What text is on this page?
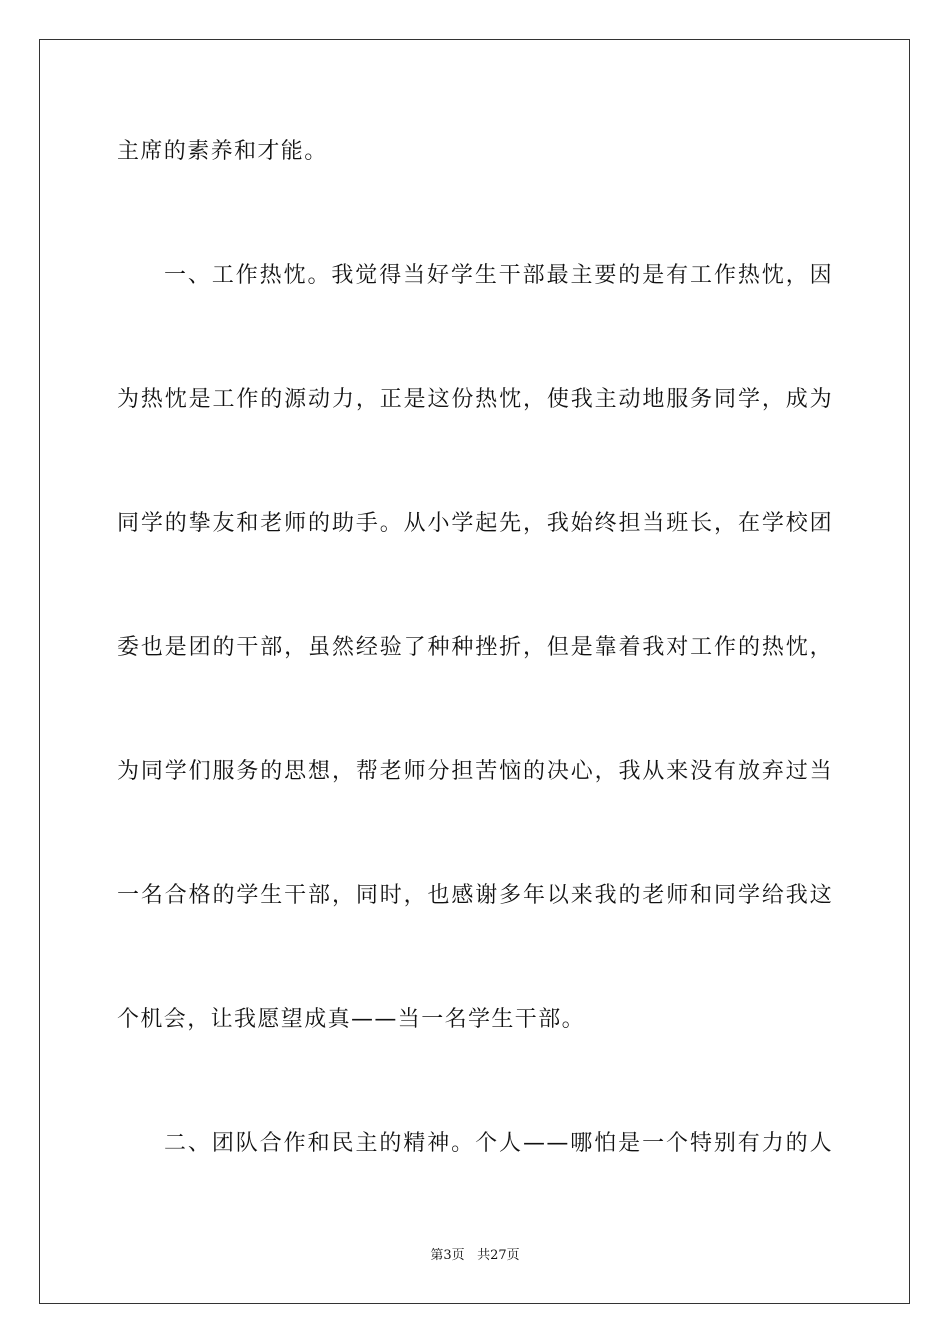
主席的素养和才能。
一、工作热忱。我觉得当好学生干部最主要的是有工作热忱，因
为热忱是工作的源动力，正是这份热忱，使我主动地服务同学，成为
同学的挚友和老师的助手。从小学起先，我始终担当班长，在学校团
委也是团的干部，虽然经验了种种挫折，但是靠着我对工作的热忱，
为同学们服务的思想，帮老师分担苦恼的决心，我从来没有放弃过当
一名合格的学生干部，同时，也感谢多年以来我的老师和同学给我这
个机会，让我愿望成真——当一名学生干部。
二、团队合作和民主的精神。个人——哪怕是一个特别有力的人
第3页 共27页
